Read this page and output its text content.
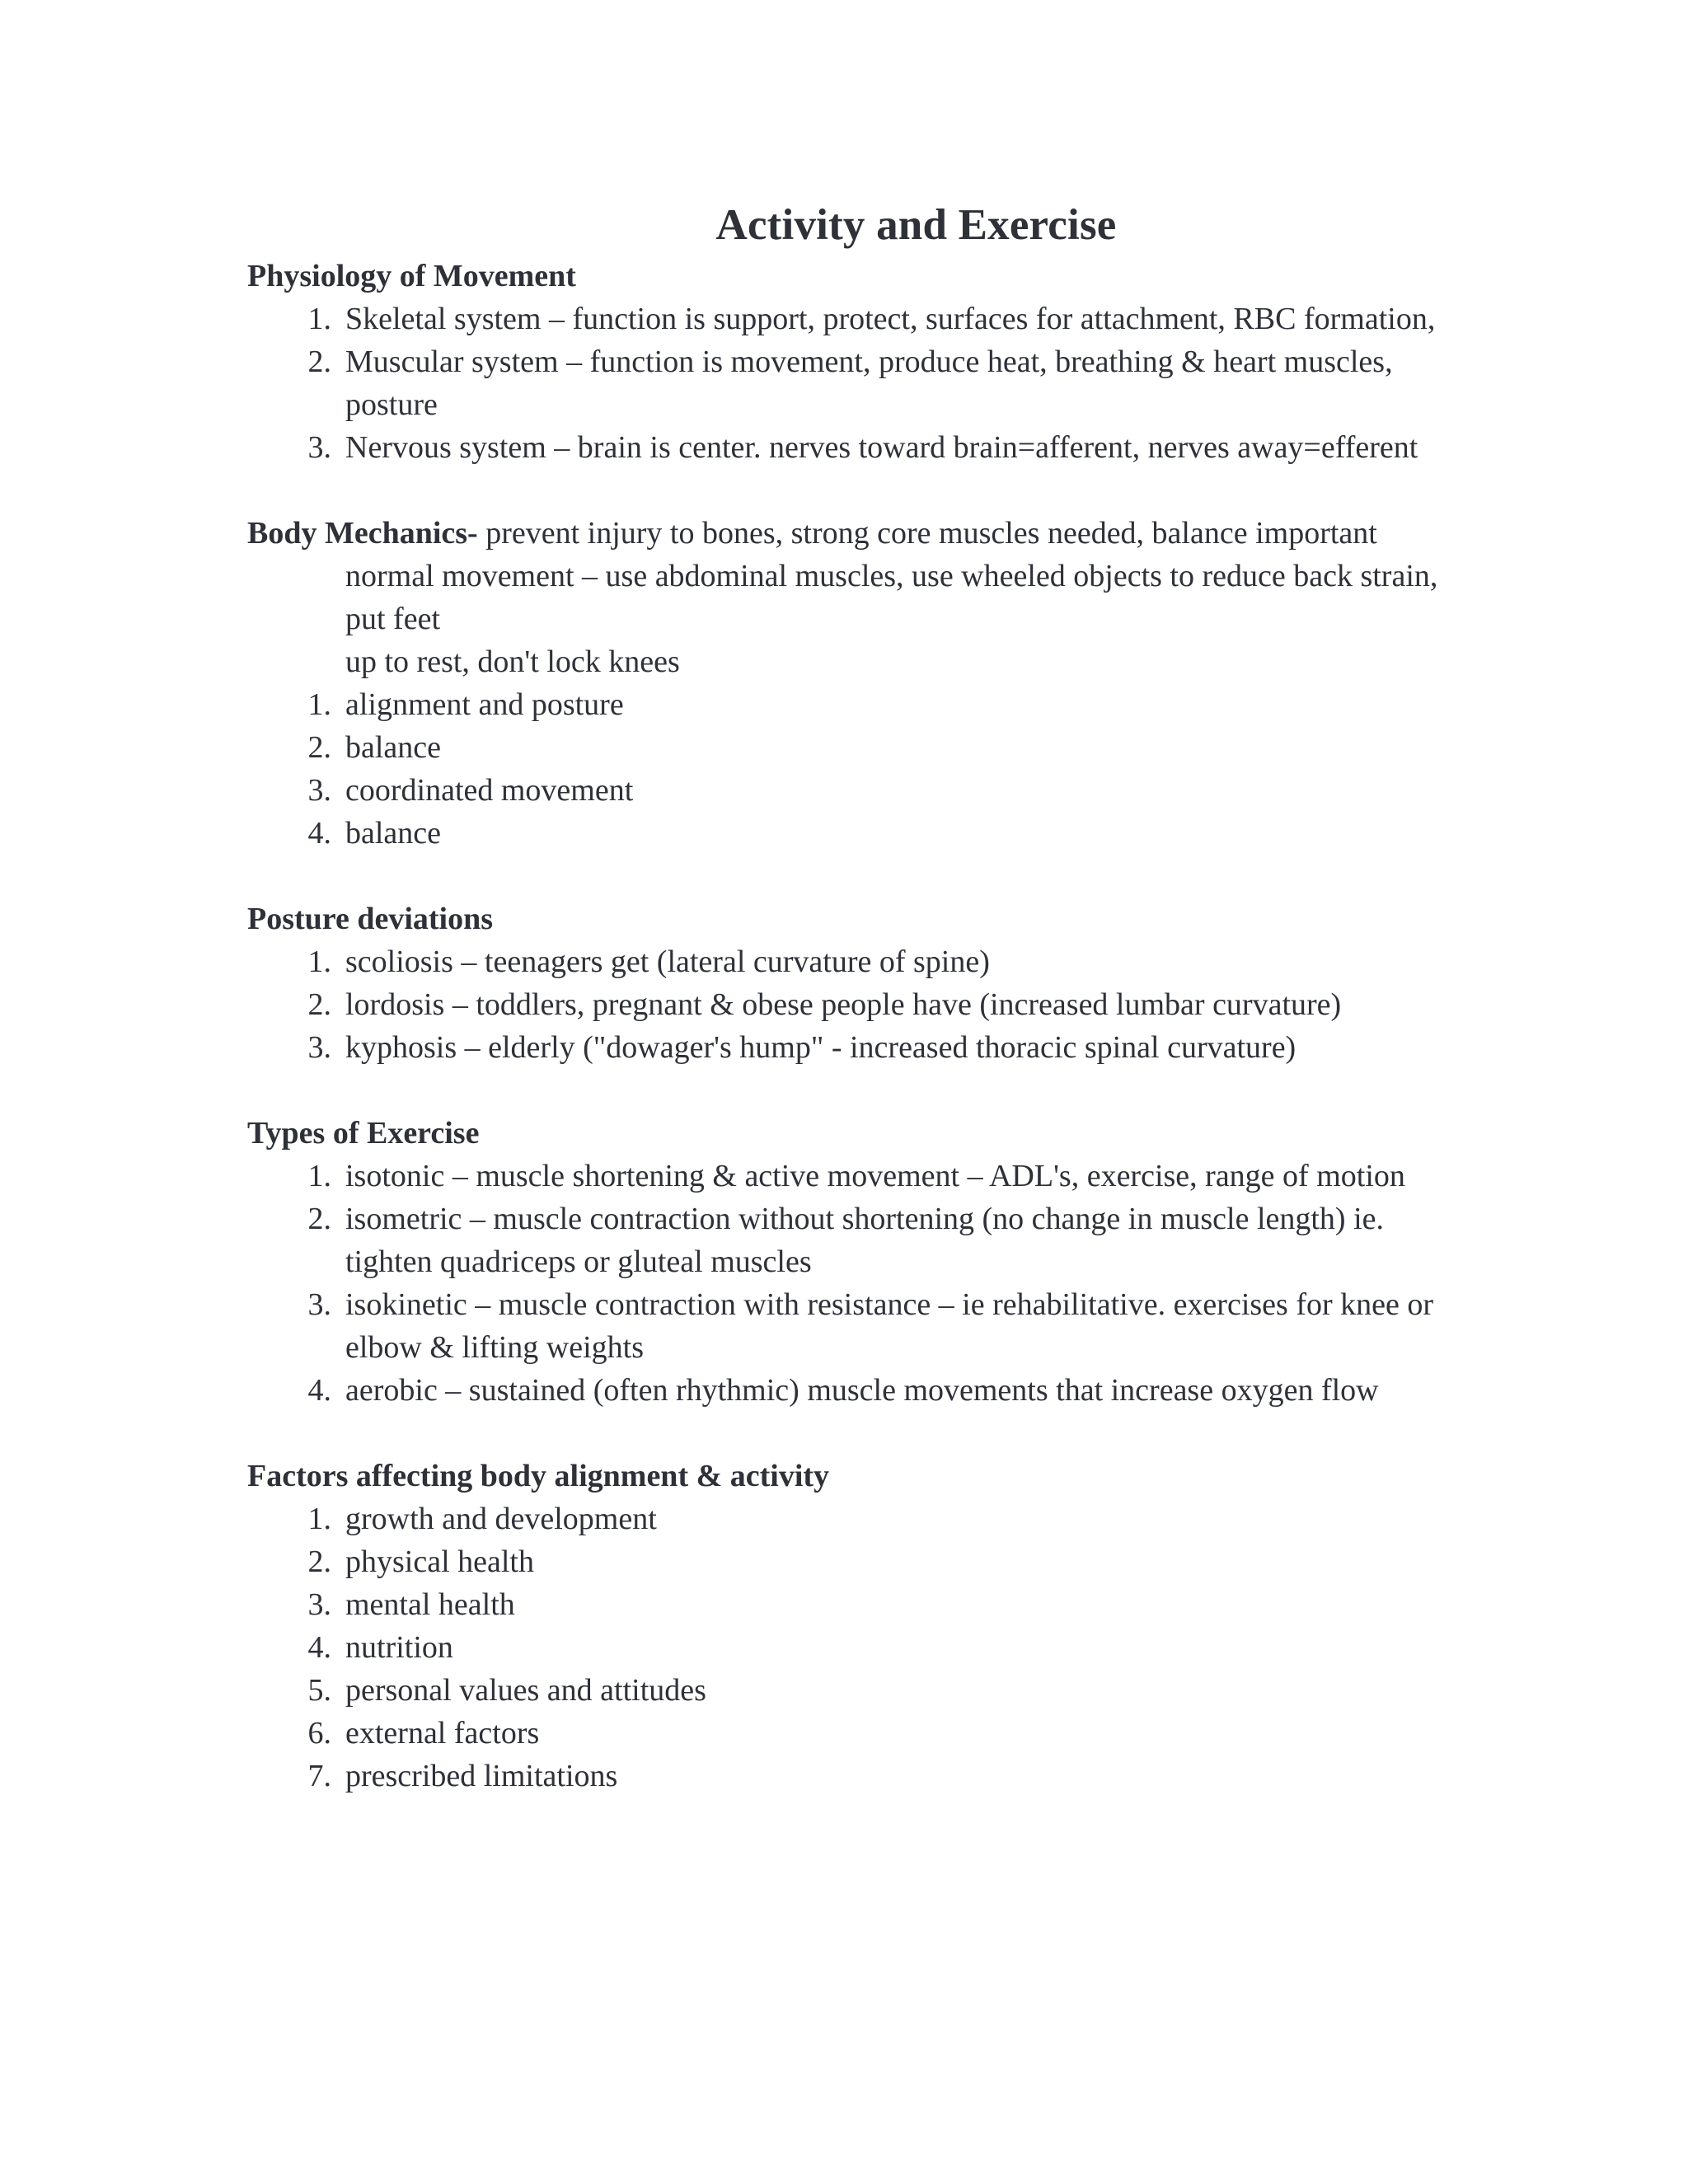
Activity and Exercise

Physiology of Movement

1. Skeletal system – function is support, protect, surfaces for attachment, RBC formation,
2. Muscular system – function is movement, produce heat, breathing & heart muscles, posture
3. Nervous system – brain is center. nerves toward brain=afferent, nerves away=efferent

Body Mechanics- prevent injury to bones, strong core muscles needed, balance important

normal movement – use abdominal muscles, use wheeled objects to reduce back strain, put feet

up to rest, don't lock knees

1. alignment and posture
2. balance
3. coordinated movement
4. balance

Posture deviations

1. scoliosis – teenagers get (lateral curvature of spine)
2. lordosis – toddlers, pregnant & obese people have (increased lumbar curvature)
3. kyphosis – elderly ("dowager's hump" - increased thoracic spinal curvature)

Types of Exercise

1. isotonic – muscle shortening & active movement – ADL's, exercise, range of motion
2. isometric – muscle contraction without shortening (no change in muscle length) ie. tighten quadriceps or gluteal muscles
3. isokinetic – muscle contraction with resistance – ie rehabilitative. exercises for knee or elbow & lifting weights
4. aerobic – sustained (often rhythmic) muscle movements that increase oxygen flow

Factors affecting body alignment & activity

1. growth and development
2. physical health
3. mental health
4. nutrition
5. personal values and attitudes
6. external factors
7. prescribed limitations
